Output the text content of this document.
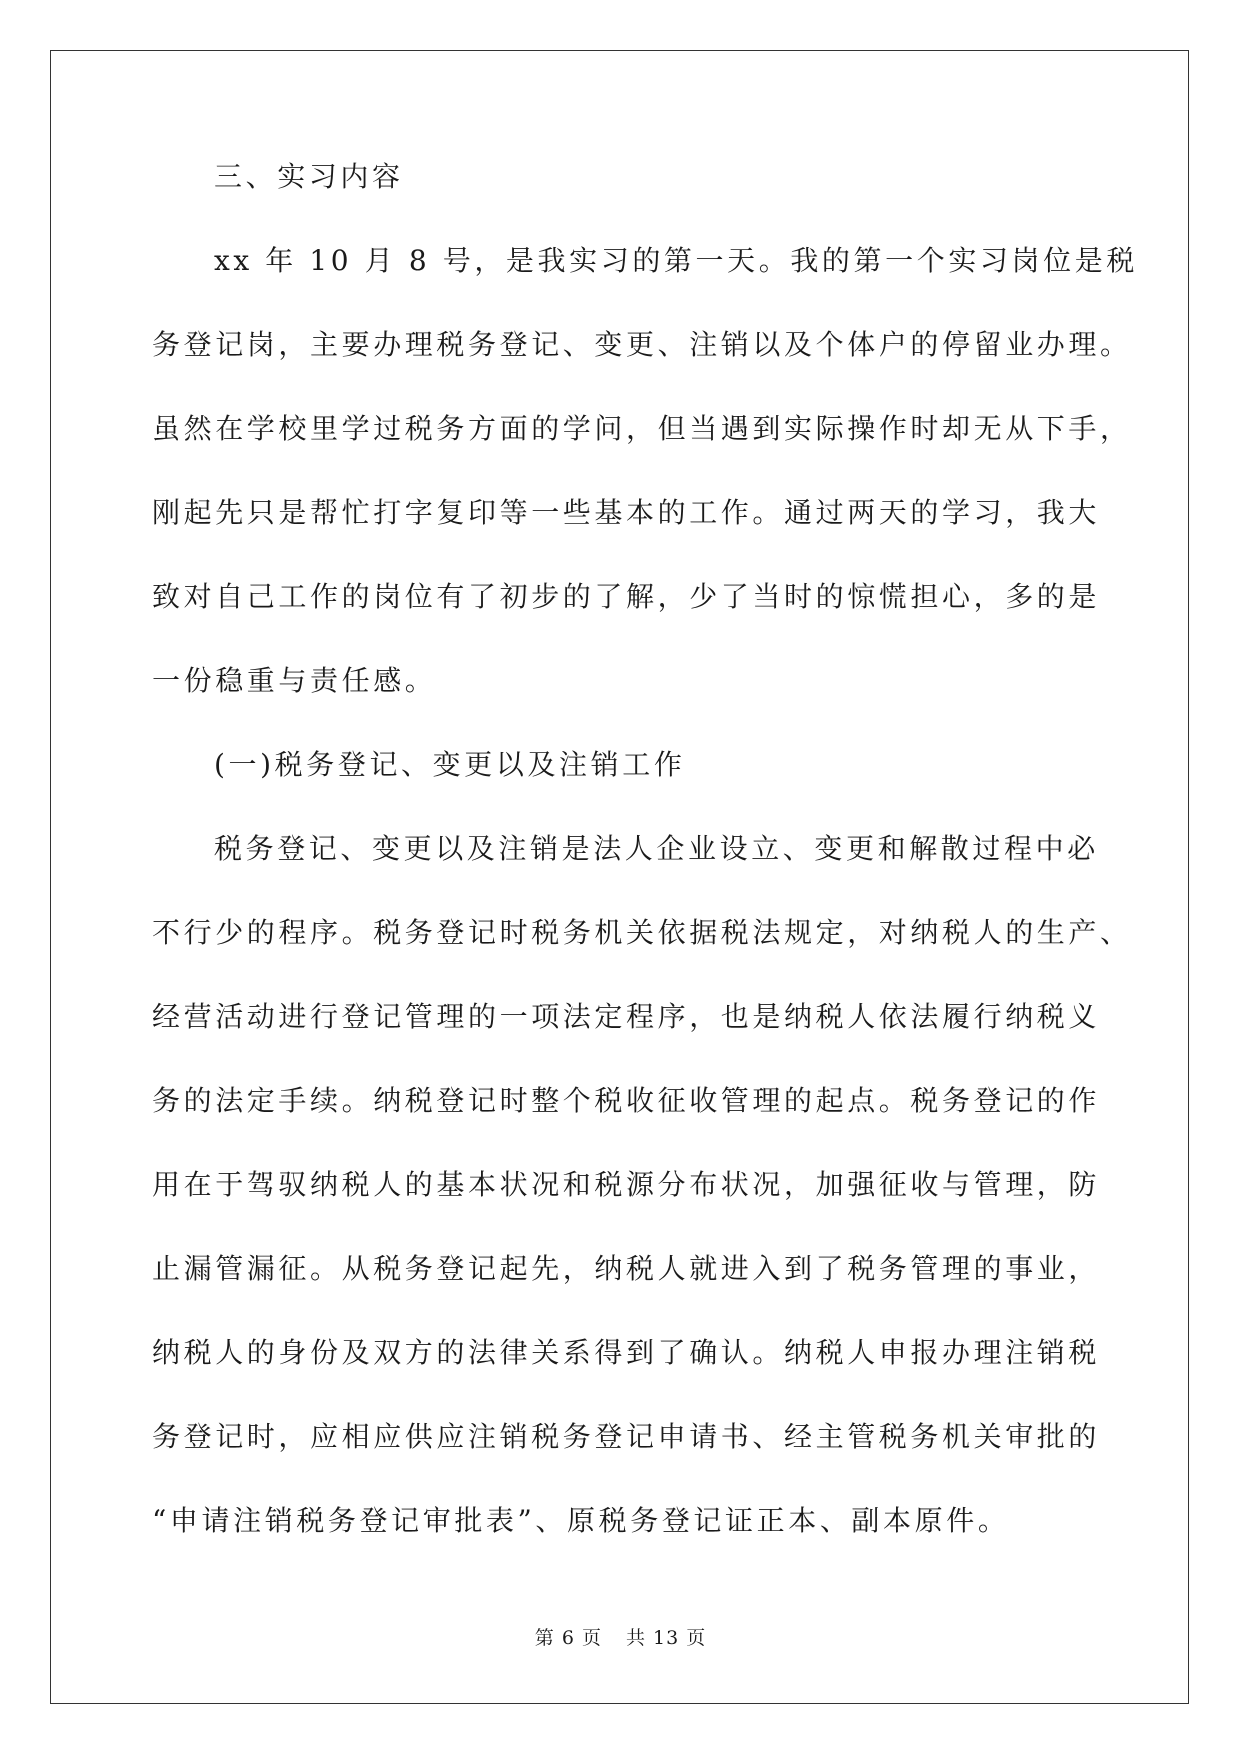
三、实习内容
xx 年 10 月 8 号，是我实习的第一天。我的第一个实习岗位是税
务登记岗，主要办理税务登记、变更、注销以及个体户的停留业办理。
虽然在学校里学过税务方面的学问，但当遇到实际操作时却无从下手，
刚起先只是帮忙打字复印等一些基本的工作。通过两天的学习，我大
致对自己工作的岗位有了初步的了解，少了当时的惊慌担心，多的是
一份稳重与责任感。
(一)税务登记、变更以及注销工作
税务登记、变更以及注销是法人企业设立、变更和解散过程中必
不行少的程序。税务登记时税务机关依据税法规定，对纳税人的生产、
经营活动进行登记管理的一项法定程序，也是纳税人依法履行纳税义
务的法定手续。纳税登记时整个税收征收管理的起点。税务登记的作
用在于驾驭纳税人的基本状况和税源分布状况，加强征收与管理，防
止漏管漏征。从税务登记起先，纳税人就进入到了税务管理的事业，
纳税人的身份及双方的法律关系得到了确认。纳税人申报办理注销税
务登记时，应相应供应注销税务登记申请书、经主管税务机关审批的
“申请注销税务登记审批表”、原税务登记证正本、副本原件。
第 6 页 共 13 页
